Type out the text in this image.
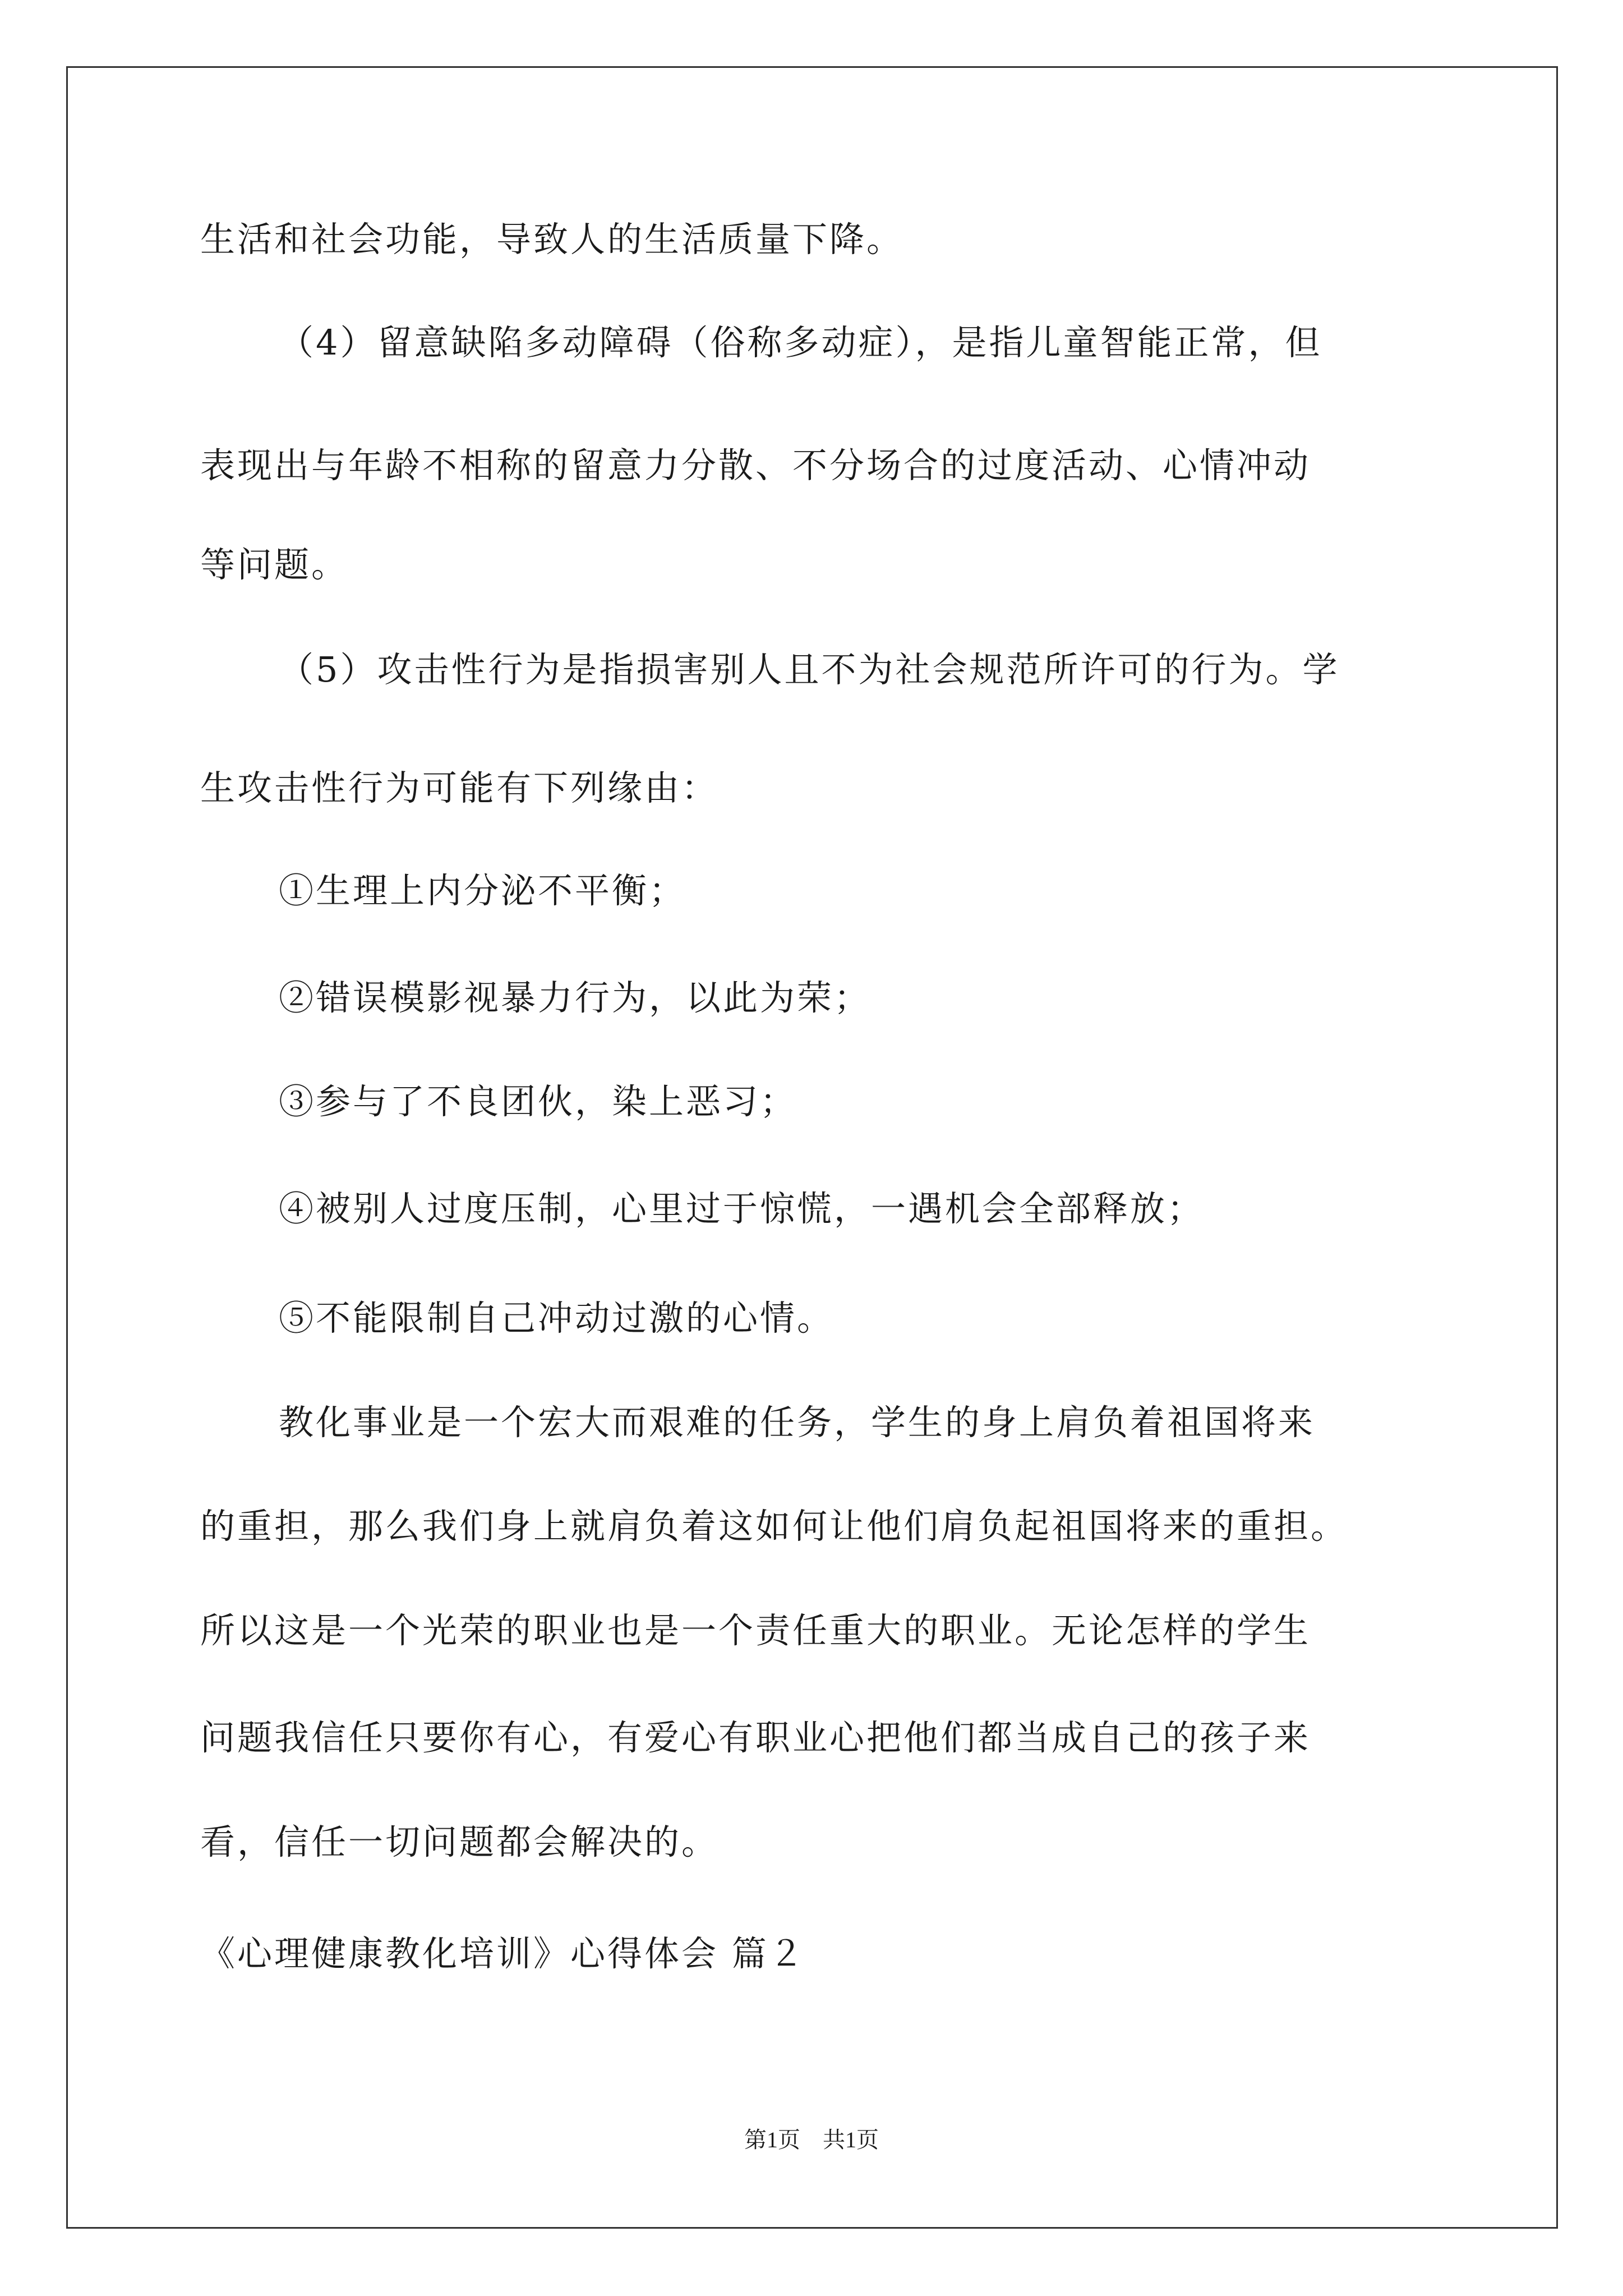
生活和社会功能，导致人的生活质量下降。
（4）留意缺陷多动障碍（俗称多动症），是指儿童智能正常，但
表现出与年龄不相称的留意力分散、不分场合的过度活动、心情冲动
等问题。
（5）攻击性行为是指损害别人且不为社会规范所许可的行为。学
生攻击性行为可能有下列缘由：
①生理上内分泌不平衡；
②错误模影视暴力行为，以此为荣；
③参与了不良团伙，染上恶习；
④被别人过度压制，心里过于惊慌，一遇机会全部释放；
⑤不能限制自己冲动过激的心情。
教化事业是一个宏大而艰难的任务，学生的身上肩负着祖国将来
的重担，那么我们身上就肩负着这如何让他们肩负起祖国将来的重担。
所以这是一个光荣的职业也是一个责任重大的职业。无论怎样的学生
问题我信任只要你有心，有爱心有职业心把他们都当成自己的孩子来
看，信任一切问题都会解决的。
《心理健康教化培训》心得体会 篇２
第1页　共1页
